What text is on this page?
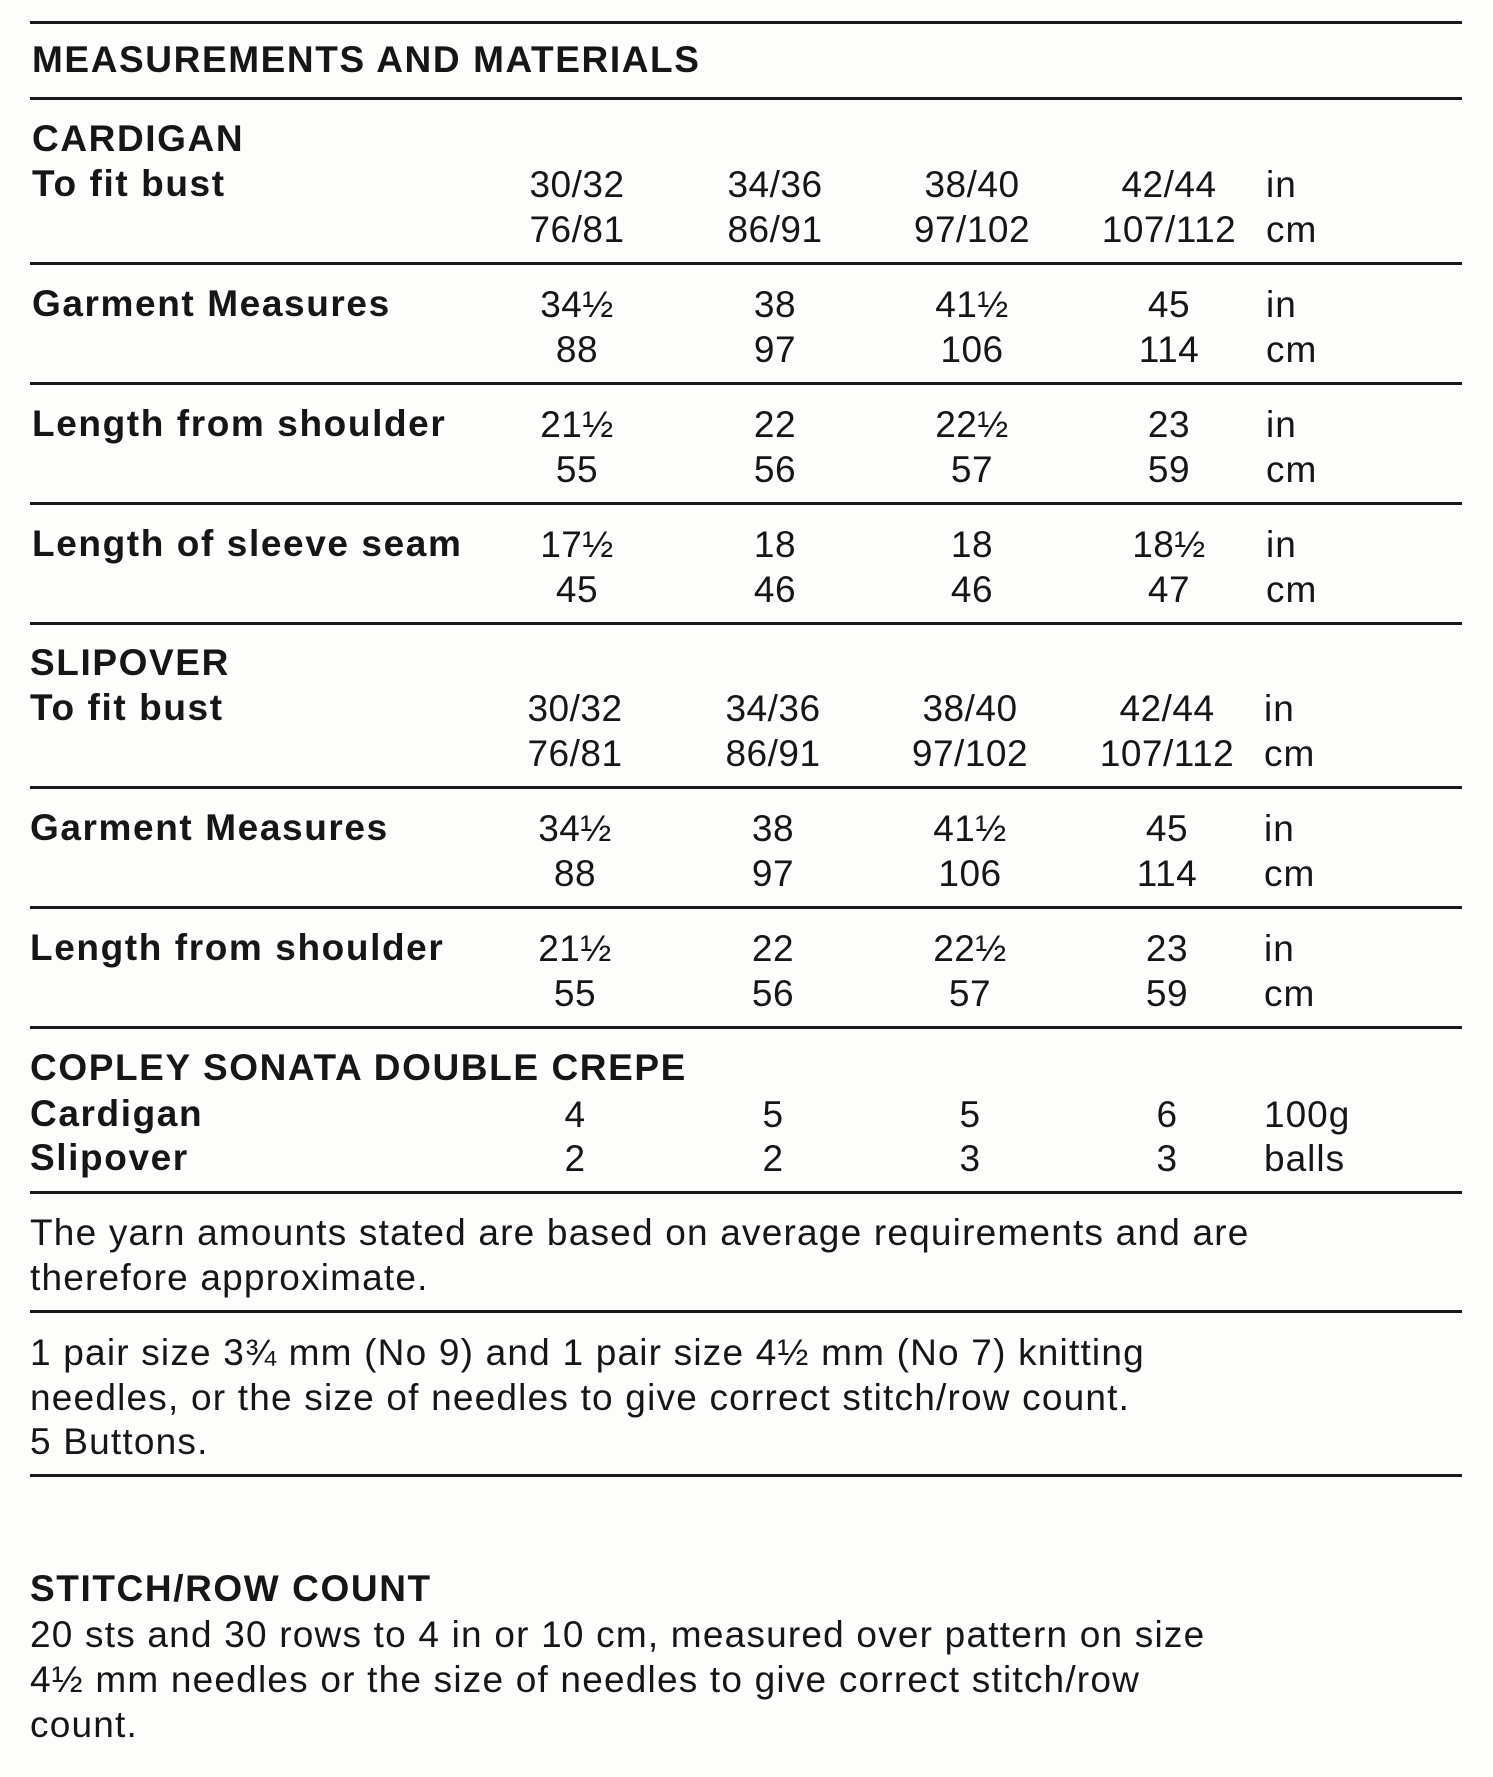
MEASUREMENTS AND MATERIALS
CARDIGAN
To fit bust	30/32	34/36	38/40	42/44	in
76/81	86/91	97/102	107/112 cm
Garment Measures	34½	38	41½	45	in
88	97	106	114	cm
Length from shoulder	21½	22	22½	23	in
55	56	57	59	cm
Length of sleeve seam	17½	18	18	18½	in
45	46	46	47	cm
SLIPOVER
To fit bust	30/32	34/36	38/40	42/44	in
76/81	86/91	97/102	107/112 cm
Garment Measures	34½	38	41½	45	in
88	97	106	114	cm
Length from shoulder	21½	22	22½	23	in
55	56	57	59	cm
COPLEY SONATA DOUBLE CREPE
Cardigan	4	5	5	6	100g
Slipover	2	2	3	3	balls
The yarn amounts stated are based on average requirements and are
therefore approximate.
1 pair size 3¾ mm (No 9) and 1 pair size 4½ mm (No 7) knitting
needles, or the size of needles to give correct stitch/row count.
5 Buttons.
STITCH/ROW COUNT
20 sts and 30 rows to 4 in or 10 cm, measured over pattern on size
4½ mm needles or the size of needles to give correct stitch/row
count.
